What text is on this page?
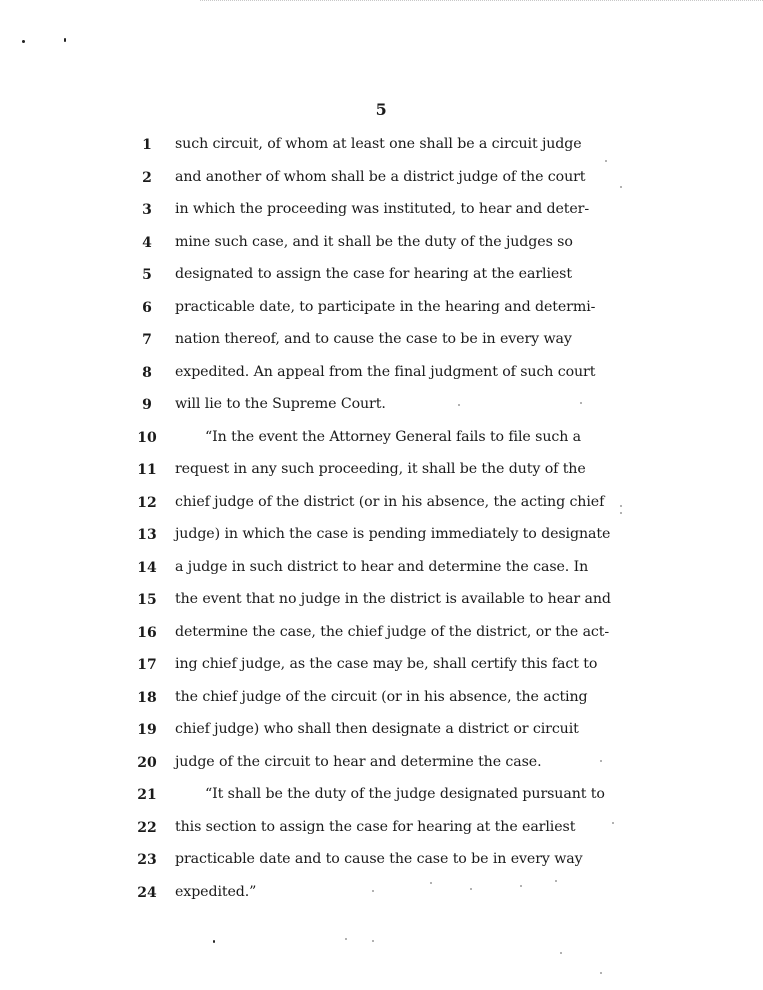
5
1	such circuit, of whom at least one shall be a circuit judge
2	and another of whom shall be a district judge of the court
3	in which the proceeding was instituted, to hear and deter-
4	mine such case, and it shall be the duty of the judges so
5	designated to assign the case for hearing at the earliest
6	practicable date, to participate in the hearing and determi-
7	nation thereof, and to cause the case to be in every way
8	expedited. An appeal from the final judgment of such court
9	will lie to the Supreme Court.
10	“In the event the Attorney General fails to file such a
11	request in any such proceeding, it shall be the duty of the
12	chief judge of the district (or in his absence, the acting chief
13	judge) in which the case is pending immediately to designate
14	a judge in such district to hear and determine the case. In
15	the event that no judge in the district is available to hear and
16	determine the case, the chief judge of the district, or the act-
17	ing chief judge, as the case may be, shall certify this fact to
18	the chief judge of the circuit (or in his absence, the acting
19	chief judge) who shall then designate a district or circuit
20	judge of the circuit to hear and determine the case.
21	“It shall be the duty of the judge designated pursuant to
22	this section to assign the case for hearing at the earliest
23	practicable date and to cause the case to be in every way
24	expedited.”
